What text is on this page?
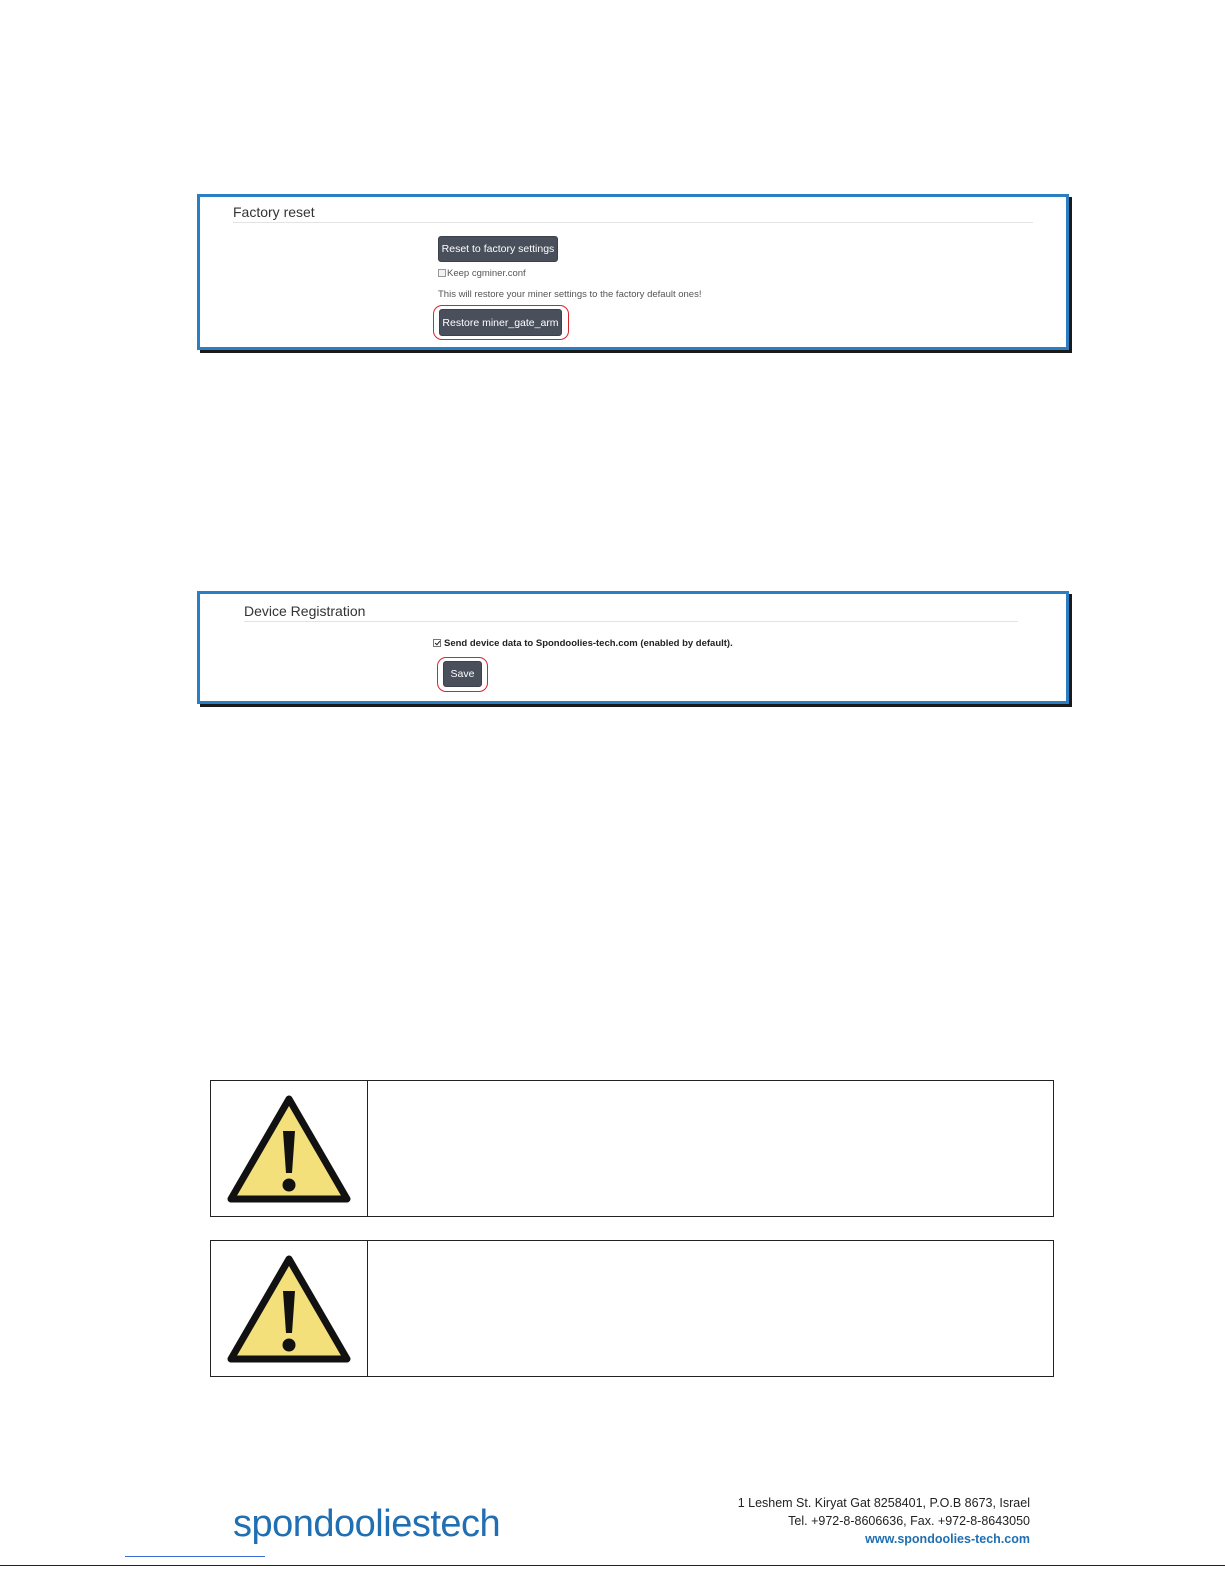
Factory reset
Reset to factory settings
Keep cgminer.conf
This will restore your miner settings to the factory default ones!
Restore miner_gate_arm
Device Registration
Send device data to Spondoolies-tech.com (enabled by default).
Save
spondooliestech	1 Leshem St. Kiryat Gat 8258401, P.O.B 8673, Israel
Tel. +972-8-8606636, Fax. +972-8-8643050
www.spondoolies-tech.com
